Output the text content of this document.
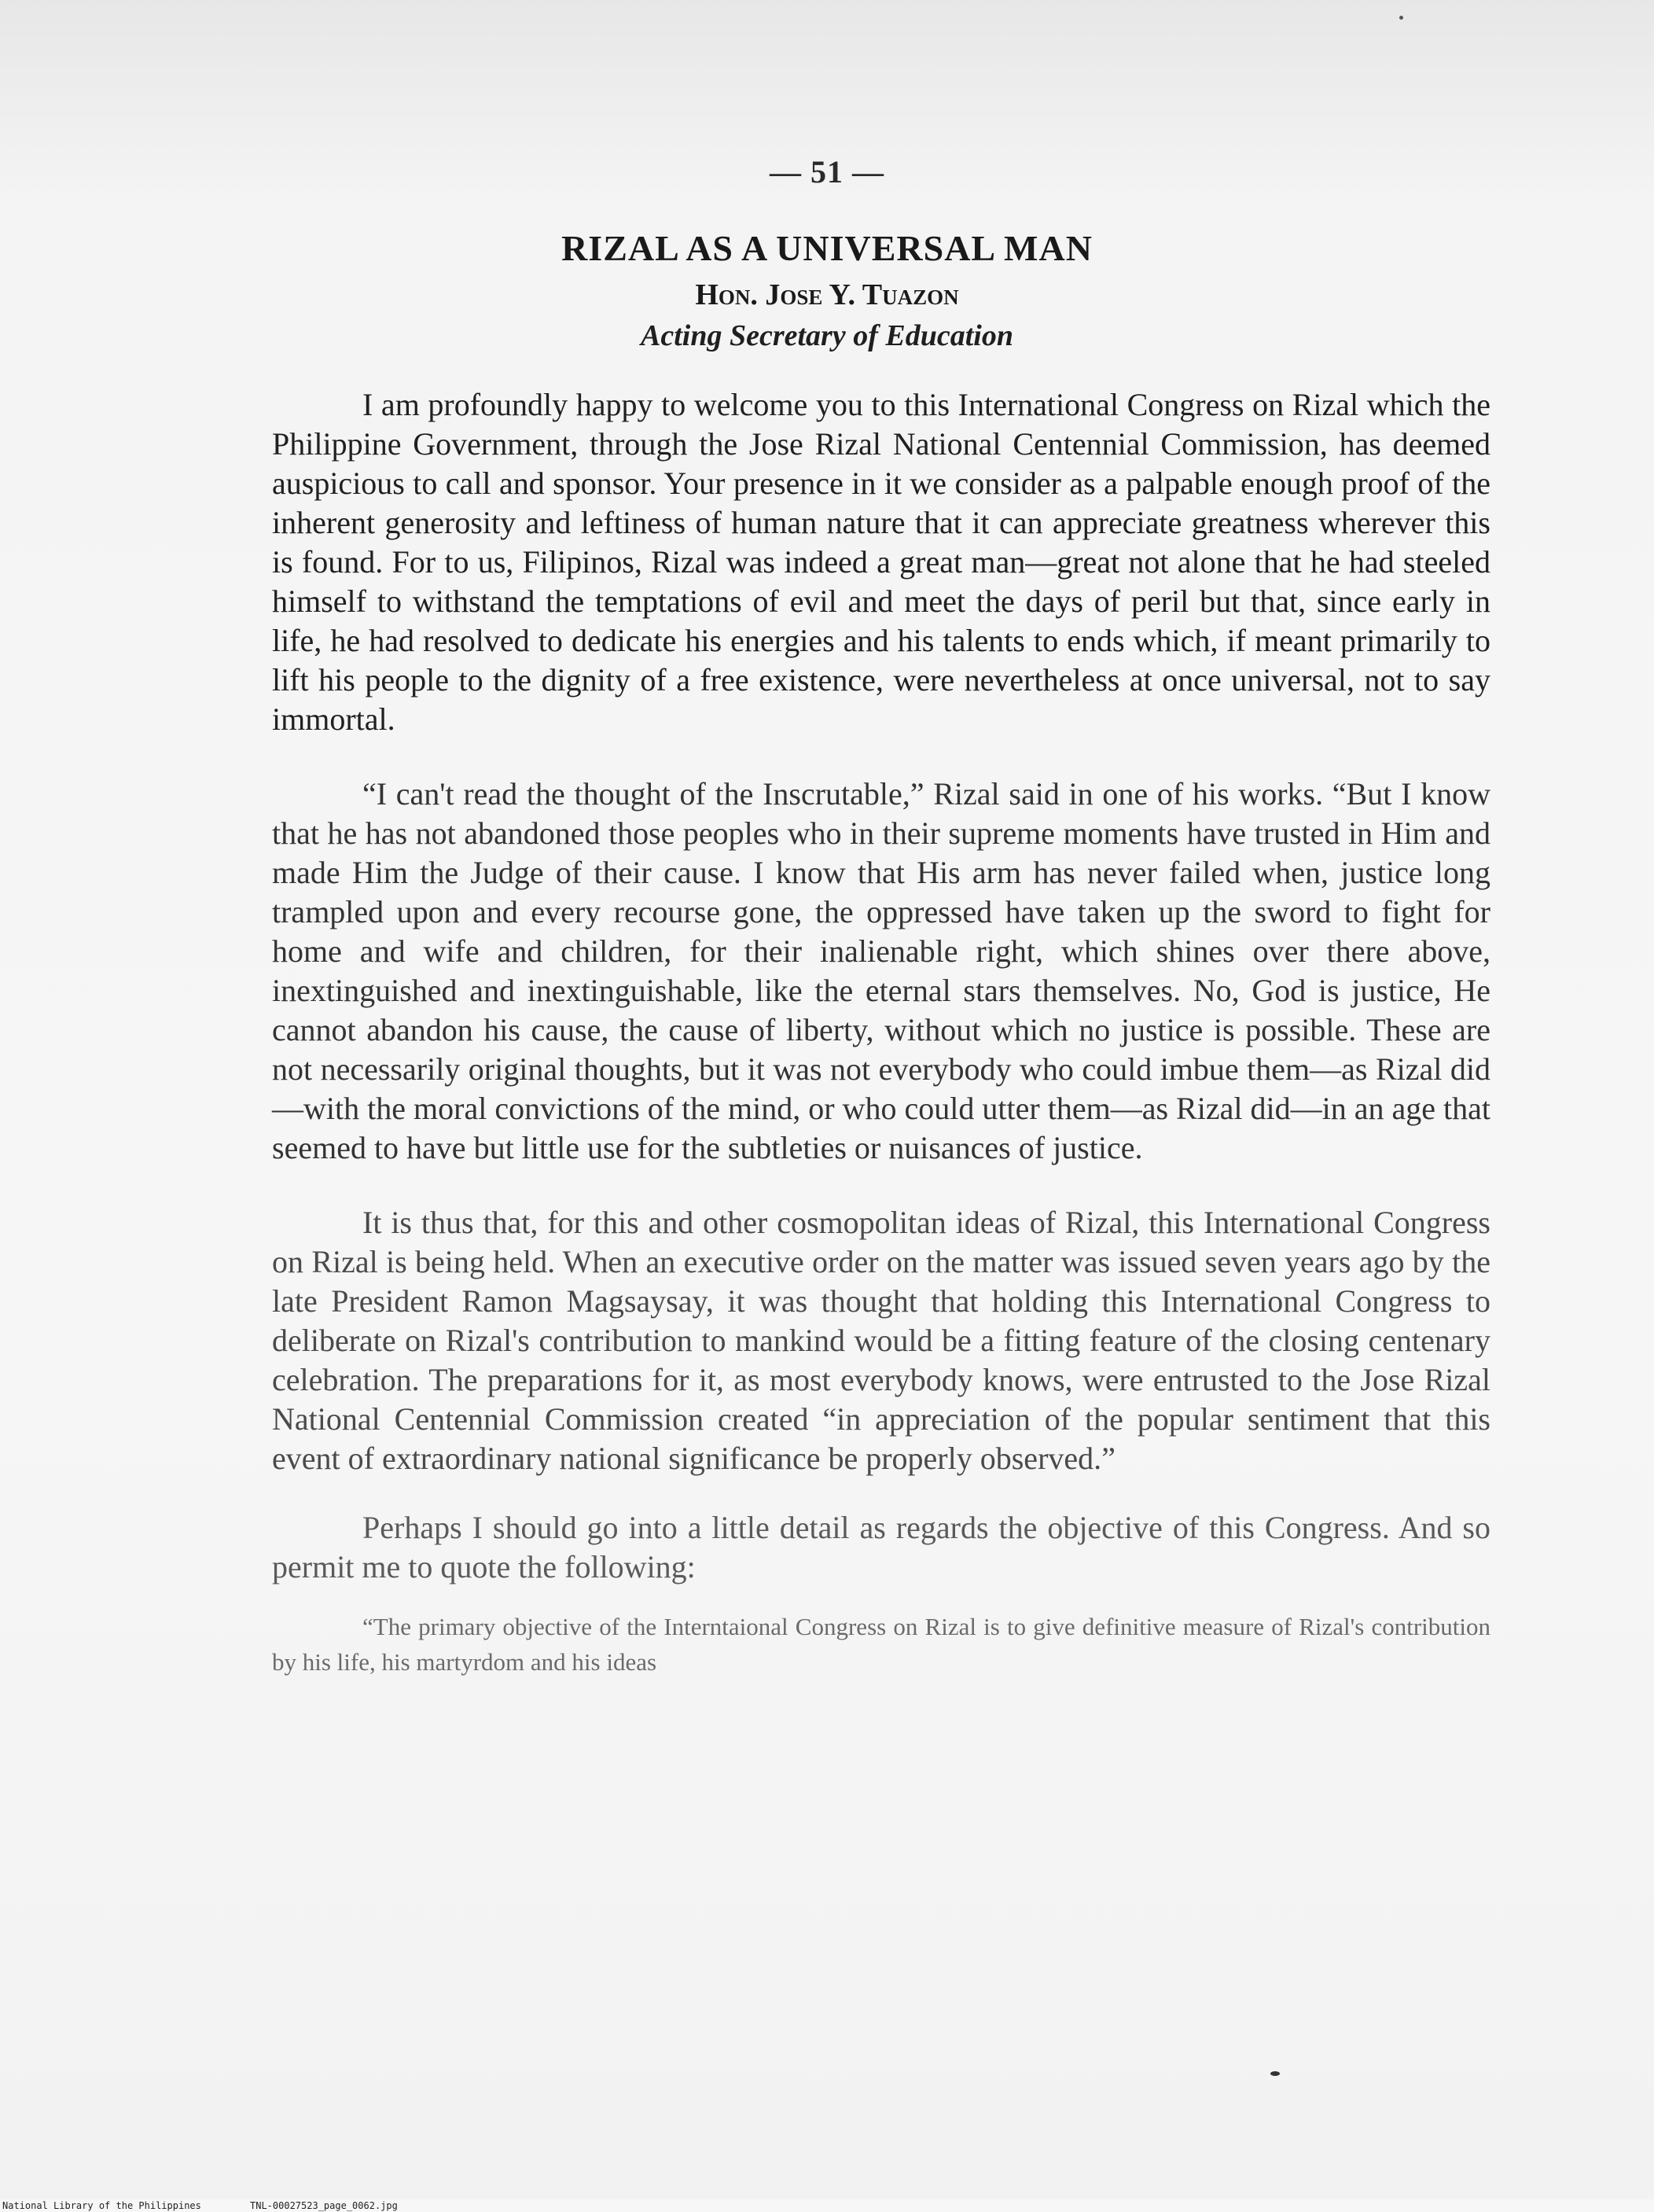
— 51 —
RIZAL AS A UNIVERSAL MAN
Hon. Jose Y. Tuazon
Acting Secretary of Education

I am profoundly happy to welcome you to this International Congress on Rizal which the Philippine Government, through the Jose Rizal National Centennial Commission, has deemed auspicious to call and sponsor. Your presence in it we consider as a palpable enough proof of the inherent generosity and leftiness of human nature that it can appreciate greatness wherever this is found. For to us, Filipinos, Rizal was indeed a great man—great not alone that he had steeled himself to withstand the temptations of evil and meet the days of peril but that, since early in life, he had resolved to dedicate his energies and his talents to ends which, if meant primarily to lift his people to the dignity of a free existence, were nevertheless at once universal, not to say immortal.

“I can't read the thought of the Inscrutable,” Rizal said in one of his works. “But I know that he has not abandoned those peoples who in their supreme moments have trusted in Him and made Him the Judge of their cause. I know that His arm has never failed when, justice long trampled upon and every recourse gone, the oppressed have taken up the sword to fight for home and wife and children, for their inalienable right, which shines over there above, inextinguished and inextinguishable, like the eternal stars themselves. No, God is justice, He cannot abandon his cause, the cause of liberty, without which no justice is possible. These are not necessarily original thoughts, but it was not everybody who could imbue them—as Rizal did—with the moral convictions of the mind, or who could utter them—as Rizal did—in an age that seemed to have but little use for the subtleties or nuisances of justice.

It is thus that, for this and other cosmopolitan ideas of Rizal, this International Congress on Rizal is being held. When an executive order on the matter was issued seven years ago by the late President Ramon Magsaysay, it was thought that holding this International Congress to deliberate on Rizal's contribution to mankind would be a fitting feature of the closing centenary celebration. The preparations for it, as most everybody knows, were entrusted to the Jose Rizal National Centennial Commission created “in appreciation of the popular sentiment that this event of extraordinary national significance be properly observed.”

Perhaps I should go into a little detail as regards the objective of this Congress. And so permit me to quote the following:

“The primary objective of the Interntaional Congress on Rizal is to give definitive measure of Rizal's contribution by his life, his martyrdom and his ideas

National Library of the Philippines	TNL-00027523_page_0062.jpg
